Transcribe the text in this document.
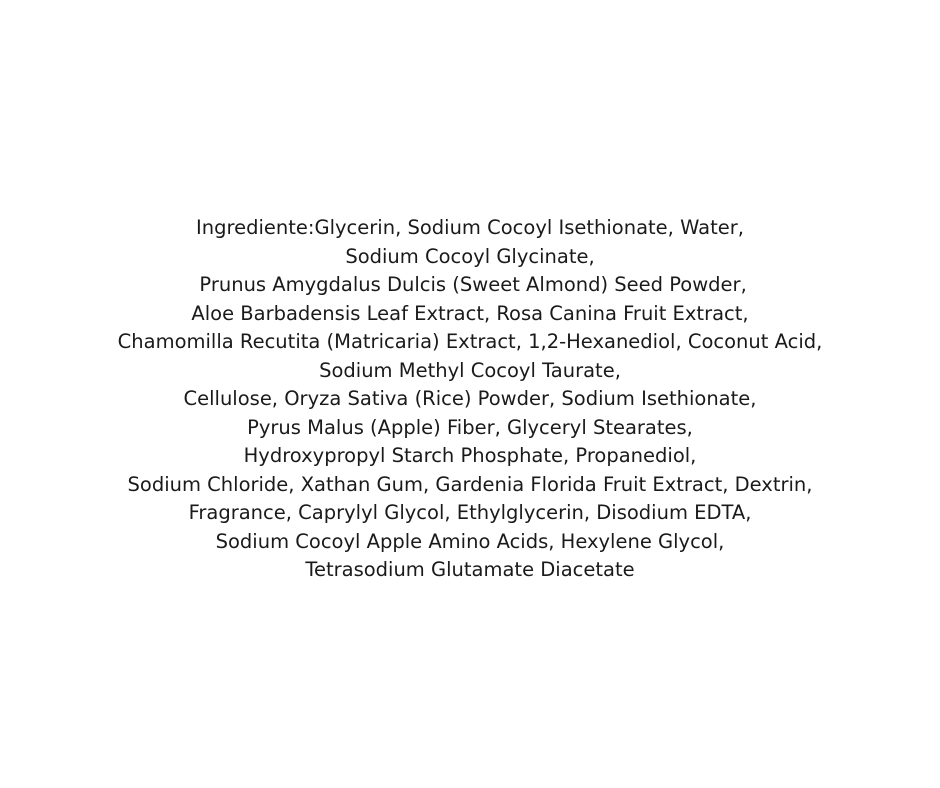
Ingrediente:Glycerin, Sodium Cocoyl Isethionate, Water,
Sodium Cocoyl Glycinate,
Prunus Amygdalus Dulcis (Sweet Almond) Seed Powder,
Aloe Barbadensis Leaf Extract, Rosa Canina Fruit Extract,
Chamomilla Recutita (Matricaria) Extract, 1,2-Hexanediol, Coconut Acid,
Sodium Methyl Cocoyl Taurate,
Cellulose, Oryza Sativa (Rice) Powder, Sodium Isethionate,
Pyrus Malus (Apple) Fiber, Glyceryl Stearates,
Hydroxypropyl Starch Phosphate, Propanediol,
Sodium Chloride, Xathan Gum, Gardenia Florida Fruit Extract, Dextrin,
Fragrance, Caprylyl Glycol, Ethylglycerin, Disodium EDTA,
Sodium Cocoyl Apple Amino Acids, Hexylene Glycol,
Tetrasodium Glutamate Diacetate
